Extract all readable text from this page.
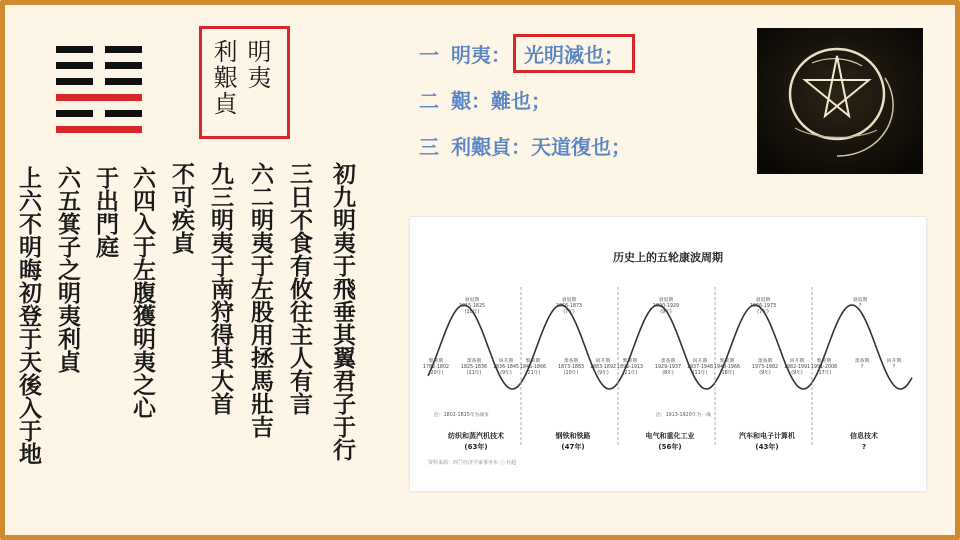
明夷
利艱貞
初九明夷于飛垂其翼君子于行
三日不食有攸往主人有言
六二明夷于左股用拯馬壯吉
九三明夷于南狩得其大首
不可疾貞
六四入于左腹獲明夷之心
于出門庭
六五箕子之明夷利貞
上六不明晦初登于天後入于地
一 明夷： 光明滅也；
二 艱：難也；
三 利艱貞：天道復也；
历史上的五轮康波周期
繁荣期
1782-1802
(20年)
衰退期
1815-1825
(10年)
萧条期
1825-1836
(11年)
回升期
1836-1845
(9年)
纺织和蒸汽机技术
(63年)
繁荣期
1845-1866
(21年)
衰退期
1866-1873
(7年)
萧条期
1873-1883
(10年)
回升期
1883-1892
(9年)
钢铁和铁路
(47年)
繁荣期
1892-1913
(21年)
衰退期
1920-1929
(9年)
萧条期
1929-1937
(8年)
回升期
1937-1948
(11年)
电气和重化工业
(56年)
繁荣期
1948-1966
(18年)
衰退期
1966-1973
(7年)
萧条期
1973-1982
(9年)
回升期
1982-1991
(9年)
汽车和电子计算机
(43年)
繁荣期
1991-2008
(17年)
衰退期
?
萧条期
?
回升期
?
信息技术
?
注：1802-1815年为战争	注：1913-1920年为一战
资料来源：西兰经济学家事务布 ⓘ 社超
